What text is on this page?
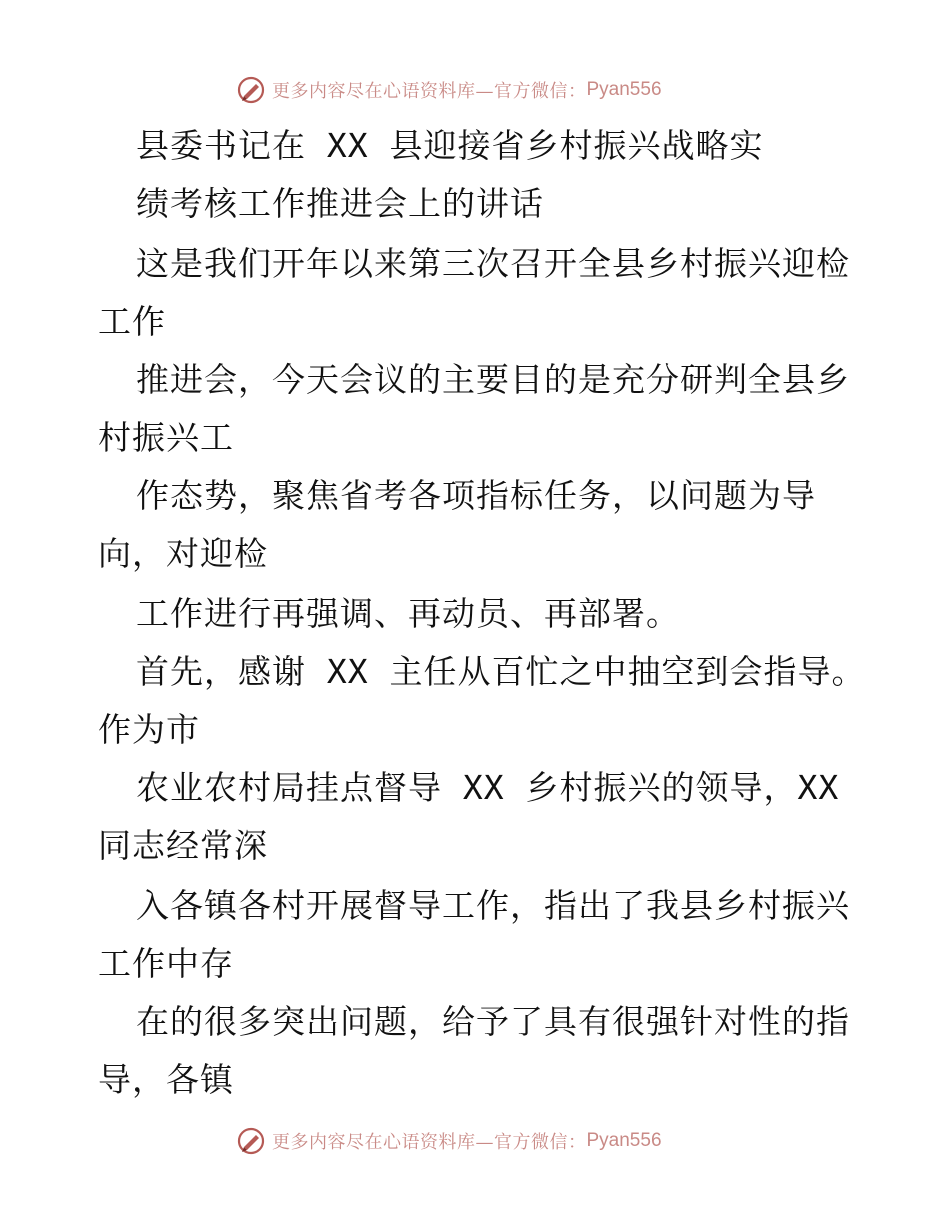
更多内容尽在心语资料库—官方微信： Pyan556
县委书记在 XX 县迎接省乡村振兴战略实
绩考核工作推进会上的讲话
这是我们开年以来第三次召开全县乡村振兴迎检
工作
推进会，今天会议的主要目的是充分研判全县乡
村振兴工
作态势，聚焦省考各项指标任务，以问题为导
向，对迎检
工作进行再强调、再动员、再部署。
首先，感谢 XX 主任从百忙之中抽空到会指导。
作为市
农业农村局挂点督导 XX 乡村振兴的领导，XX
同志经常深
入各镇各村开展督导工作，指出了我县乡村振兴
工作中存
在的很多突出问题，给予了具有很强针对性的指
导，各镇
更多内容尽在心语资料库—官方微信： Pyan556
